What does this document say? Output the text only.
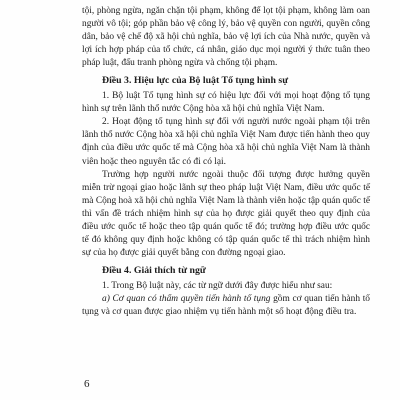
tội, phòng ngừa, ngăn chặn tội phạm, không để lọt tội phạm, không làm oan người vô tội; góp phần bảo vệ công lý, bảo vệ quyền con người, quyền công dân, bảo vệ chế độ xã hội chủ nghĩa, bảo vệ lợi ích của Nhà nước, quyền và lợi ích hợp pháp của tổ chức, cá nhân, giáo dục mọi người ý thức tuân theo pháp luật, đấu tranh phòng ngừa và chống tội phạm.

Điều 3. Hiệu lực của Bộ luật Tố tụng hình sự

1. Bộ luật Tố tụng hình sự có hiệu lực đối với mọi hoạt động tố tụng hình sự trên lãnh thổ nước Cộng hòa xã hội chủ nghĩa Việt Nam.

2. Hoạt động tố tụng hình sự đối với người nước ngoài phạm tội trên lãnh thổ nước Cộng hòa xã hội chủ nghĩa Việt Nam được tiến hành theo quy định của điều ước quốc tế mà Cộng hòa xã hội chủ nghĩa Việt Nam là thành viên hoặc theo nguyên tắc có đi có lại.

Trường hợp người nước ngoài thuộc đối tượng được hưởng quyền miễn trừ ngoại giao hoặc lãnh sự theo pháp luật Việt Nam, điều ước quốc tế mà Cộng hoà xã hội chủ nghĩa Việt Nam là thành viên hoặc tập quán quốc tế thì vấn đề trách nhiệm hình sự của họ được giải quyết theo quy định của điều ước quốc tế hoặc theo tập quán quốc tế đó; trường hợp điều ước quốc tế đó không quy định hoặc không có tập quán quốc tế thì trách nhiệm hình sự của họ được giải quyết bằng con đường ngoại giao.

Điều 4. Giải thích từ ngữ

1. Trong Bộ luật này, các từ ngữ dưới đây được hiểu như sau:

a) Cơ quan có thẩm quyền tiến hành tố tụng gồm cơ quan tiến hành tố tụng và cơ quan được giao nhiệm vụ tiến hành một số hoạt động điều tra.

6
